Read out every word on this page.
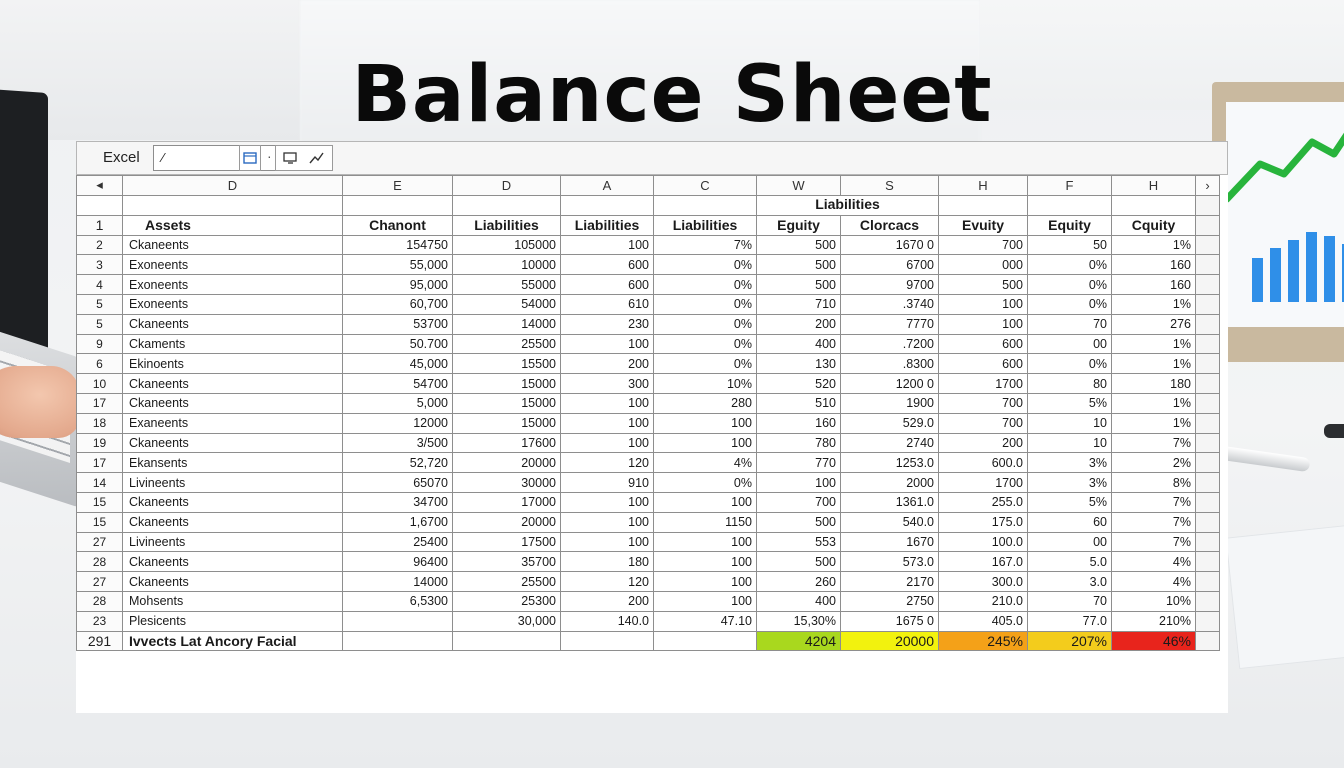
Balance Sheet
Excel ⁄	·
◂	D	E	D	A	C	W	S	H	F	H	›
						Liabilities					
1	Assets	Chanont	Liabilities	Liabilities	Liabilities	Eguity	Clorcacs	Evuity	Equity	Cquity	
2	Ckaneents	154750	105000	100	7%	500	1670 0	700	50	1%	
3	Exoneents	55,000	10000	600	0%	500	6700	000	0%	160	
4	Exoneents	95,000	55000	600	0%	500	9700	500	0%	160	
5	Exoneents	60,700	54000	610	0%	710	.3740	100	0%	1%	
5	Ckaneents	53700	14000	230	0%	200	7770	100	70	276	
9	Ckaments	50.700	25500	100	0%	400	.7200	600	00	1%	
6	Ekinoents	45,000	15500	200	0%	130	.8300	600	0%	1%	
10	Ckaneents	54700	15000	300	10%	520	1200 0	1700	80	180	
17	Ckaneents	5,000	15000	100	280	510	1900	700	5%	1%	
18	Exaneents	12000	15000	100	100	160	529.0	700	10	1%	
19	Ckaneents	3/500	17600	100	100	780	2740	200	10	7%	
17	Ekansents	52,720	20000	120	4%	770	1253.0	600.0	3%	2%	
14	Livineents	65070	30000	910	0%	100	2000	1700	3%	8%	
15	Ckaneents	34700	17000	100	100	700	1361.0	255.0	5%	7%	
15	Ckaneents	1,6700	20000	100	1150	500	540.0	175.0	60	7%	
27	Livineents	25400	17500	100	100	553	1670	100.0	00	7%	
28	Ckaneents	96400	35700	180	100	500	573.0	167.0	5.0	4%	
27	Ckaneents	14000	25500	120	100	260	2170	300.0	3.0	4%	
28	Mohsents	6,5300	25300	200	100	400	2750	210.0	70	10%	
23	Plesicents		30,000	140.0	47.10	15,30%	1675 0	405.0	77.0	210%	
291	Ivvects Lat Ancory Facial					4204	20000	245%	207%	46%	
